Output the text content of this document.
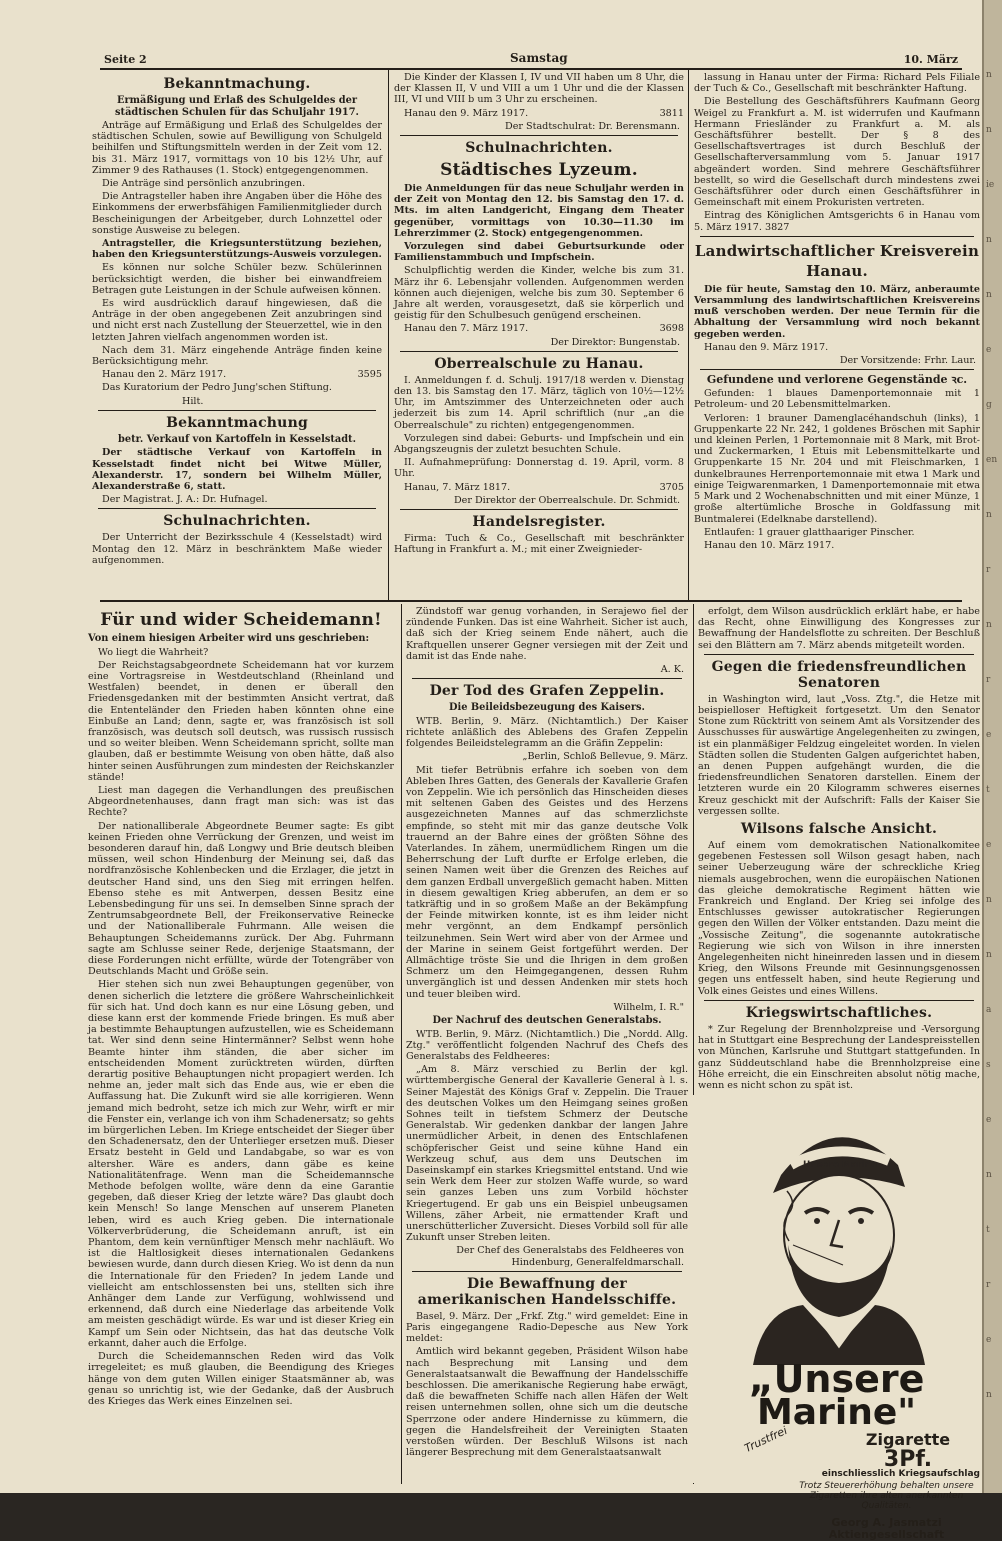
Seite 2	Samstag	10. März
Bekanntmachung.
Ermäßigung und Erlaß des Schulgeldes der städtischen Schulen für das Schuljahr 1917.

Anträge auf Ermäßigung und Erlaß des Schulgeldes der städtischen Schulen, sowie auf Bewilligung von Schulgeld beihilfen und Stiftungsmitteln werden in der Zeit vom 12. bis 31. März 1917, vormittags von 10 bis 12½ Uhr, auf Zimmer 9 des Rathauses (1. Stock) entgegengenommen.

Die Anträge sind persönlich anzubringen.

Die Antragsteller haben ihre Angaben über die Höhe des Einkommens der erwerbsfähigen Familienmitglieder durch Bescheinigungen der Arbeitgeber, durch Lohnzettel oder sonstige Ausweise zu belegen.

Antragsteller, die Kriegsunterstützung beziehen, haben den Kriegsunterstützungs-Ausweis vorzulegen.

Es können nur solche Schüler bezw. Schülerinnen berücksichtigt werden, die bisher bei einwandfreiem Betragen gute Leistungen in der Schule aufweisen können.

Es wird ausdrücklich darauf hingewiesen, daß die Anträge in der oben angegebenen Zeit anzubringen sind und nicht erst nach Zustellung der Steuerzettel, wie in den letzten Jahren vielfach angenommen worden ist.

Nach dem 31. März eingehende Anträge finden keine Berücksichtigung mehr.

Hanau den 2. März 1917.	3595

Das Kuratorium der Pedro Jung'schen Stiftung.

Hilt.

Bekanntmachung
betr. Verkauf von Kartoffeln in Kesselstadt.

Der städtische Verkauf von Kartoffeln in Kesselstadt findet nicht bei Witwe Müller, Alexanderstr. 17, sondern bei Wilhelm Müller, Alexanderstraße 6, statt.

Der Magistrat. J. A.: Dr. Hufnagel.

Schulnachrichten.

Der Unterricht der Bezirksschule 4 (Kesselstadt) wird Montag den 12. März in beschränktem Maße wieder aufgenommen.

Die Kinder der Klassen I, IV und VII haben um 8 Uhr, die der Klassen II, V und VIII a um 1 Uhr und die der Klassen III, VI und VIII b um 3 Uhr zu erscheinen.

Hanau den 9. März 1917.	3811

Der Stadtschulrat: Dr. Berensmann.

Schulnachrichten.
Städtisches Lyzeum.

Die Anmeldungen für das neue Schuljahr werden in der Zeit von Montag den 12. bis Samstag den 17. d. Mts. im alten Landgericht, Eingang dem Theater gegenüber, vormittags von 10.30—11.30 im Lehrerzimmer (2. Stock) entgegengenommen.

Vorzulegen sind dabei Geburtsurkunde oder Familienstammbuch und Impfschein.

Schulpflichtig werden die Kinder, welche bis zum 31. März ihr 6. Lebensjahr vollenden. Aufgenommen werden können auch diejenigen, welche bis zum 30. September 6 Jahre alt werden, vorausgesetzt, daß sie körperlich und geistig für den Schulbesuch genügend erscheinen.

Hanau den 7. März 1917.	3698

Der Direktor: Bungenstab.

Oberrealschule zu Hanau.

I. Anmeldungen f. d. Schulj. 1917/18 werden v. Dienstag den 13. bis Samstag den 17. März, täglich von 10½—12½ Uhr, im Amtszimmer des Unterzeichneten oder auch jederzeit bis zum 14. April schriftlich (nur „an die Oberrealschule" zu richten) entgegengenommen.

Vorzulegen sind dabei: Geburts- und Impfschein und ein Abgangszeugnis der zuletzt besuchten Schule.

II. Aufnahmeprüfung: Donnerstag d. 19. April, vorm. 8 Uhr.

Hanau, 7. März 1817.	3705

Der Direktor der Oberrealschule. Dr. Schmidt.

Handelsregister.

Firma: Tuch & Co., Gesellschaft mit beschränkter Haftung in Frankfurt a. M.; mit einer Zweignieder-

lassung in Hanau unter der Firma: Richard Pels Filiale der Tuch & Co., Gesellschaft mit beschränkter Haftung.

Die Bestellung des Geschäftsführers Kaufmann Georg Weigel zu Frankfurt a. M. ist widerrufen und Kaufmann Hermann Friesländer zu Frankfurt a. M. als Geschäftsführer bestellt. Der § 8 des Gesellschaftsvertrages ist durch Beschluß der Gesellschafterversammlung vom 5. Januar 1917 abgeändert worden. Sind mehrere Geschäftsführer bestellt, so wird die Gesellschaft durch mindestens zwei Geschäftsführer oder durch einen Geschäftsführer in Gemeinschaft mit einem Prokuristen vertreten.

Eintrag des Königlichen Amtsgerichts 6 in Hanau vom 5. März 1917. 3827

Landwirtschaftlicher Kreisverein Hanau.

Die für heute, Samstag den 10. März, anberaumte Versammlung des landwirtschaftlichen Kreisvereins muß verschoben werden. Der neue Termin für die Abhaltung der Versammlung wird noch bekannt gegeben werden.

Hanau den 9. März 1917.

Der Vorsitzende: Frhr. Laur.

Gefundene und verlorene Gegenstände ꝛc.

Gefunden: 1 blaues Damenportemonnaie mit 1 Petroleum- und 20 Lebensmittelmarken.

Verloren: 1 brauner Damenglacéhandschuh (links), 1 Gruppenkarte 22 Nr. 242, 1 goldenes Bröschen mit Saphir und kleinen Perlen, 1 Portemonnaie mit 8 Mark, mit Brot- und Zuckermarken, 1 Etuis mit Lebensmittelkarte und Gruppenkarte 15 Nr. 204 und mit Fleischmarken, 1 dunkelbraunes Herrenportemonnaie mit etwa 1 Mark und einige Teigwarenmarken, 1 Damenportemonnaie mit etwa 5 Mark und 2 Wochenabschnitten und mit einer Münze, 1 große altertümliche Brosche in Goldfassung mit Buntmalerei (Edelknabe darstellend).

Entlaufen: 1 grauer glatthaariger Pinscher.

Hanau den 10. März 1917.

Für und wider Scheidemann!
Von einem hiesigen Arbeiter wird uns geschrieben:

Wo liegt die Wahrheit?

Der Reichstagsabgeordnete Scheidemann hat vor kurzem eine Vortragsreise in Westdeutschland (Rheinland und Westfalen) beendet, in denen er überall den Friedensgedanken mit der bestimmten Ansicht vertrat, daß die Ententeländer den Frieden haben könnten ohne eine Einbuße an Land; denn, sagte er, was französisch ist soll französisch, was deutsch soll deutsch, was russisch russisch und so weiter bleiben. Wenn Scheidemann spricht, sollte man glauben, daß er bestimmte Weisung von oben hätte, daß also hinter seinen Ausführungen zum mindesten der Reichskanzler stände!

Liest man dagegen die Verhandlungen des preußischen Abgeordnetenhauses, dann fragt man sich: was ist das Rechte?

Der nationalliberale Abgeordnete Beumer sagte: Es gibt keinen Frieden ohne Verrückung der Grenzen, und weist im besonderen darauf hin, daß Longwy und Brie deutsch bleiben müssen, weil schon Hindenburg der Meinung sei, daß das nordfranzösische Kohlenbecken und die Erzlager, die jetzt in deutscher Hand sind, uns den Sieg mit erringen helfen. Ebenso stehe es mit Antwerpen, dessen Besitz eine Lebensbedingung für uns sei. In demselben Sinne sprach der Zentrumsabgeordnete Bell, der Freikonservative Reinecke und der Nationalliberale Fuhrmann. Alle weisen die Behauptungen Scheidemanns zurück. Der Abg. Fuhrmann sagte am Schlusse seiner Rede, derjenige Staatsmann, der diese Forderungen nicht erfüllte, würde der Totengräber von Deutschlands Macht und Größe sein.

Hier stehen sich nun zwei Behauptungen gegenüber, von denen sicherlich die letztere die größere Wahrscheinlichkeit für sich hat. Und doch kann es nur eine Lösung geben, und diese kann erst der kommende Friede bringen. Es muß aber ja bestimmte Behauptungen aufzustellen, wie es Scheidemann tat. Wer sind denn seine Hintermänner? Selbst wenn hohe Beamte hinter ihm ständen, die aber sicher im entscheidenden Moment zurücktreten würden, dürften derartig positive Behauptungen nicht propagiert werden. Ich nehme an, jeder malt sich das Ende aus, wie er eben die Auffassung hat. Die Zukunft wird sie alle korrigieren. Wenn jemand mich bedroht, setze ich mich zur Wehr, wirft er mir die Fenster ein, verlange ich von ihm Schadenersatz; so gehts im bürgerlichen Leben. Im Kriege entscheidet der Sieger über den Schadenersatz, den der Unterlieger ersetzen muß. Dieser Ersatz besteht in Geld und Landabgabe, so war es von altersher. Wäre es anders, dann gäbe es keine Nationalitätenfrage. Wenn man die Scheidemannsche Methode befolgen wollte, wäre denn da eine Garantie gegeben, daß dieser Krieg der letzte wäre? Das glaubt doch kein Mensch! So lange Menschen auf unserem Planeten leben, wird es auch Krieg geben. Die internationale Völkerverbrüderung, die Scheidemann anruft, ist ein Phantom, dem kein vernünftiger Mensch mehr nachläuft. Wo ist die Haltlosigkeit dieses internationalen Gedankens bewiesen wurde, dann durch diesen Krieg. Wo ist denn da nun die Internationale für den Frieden? In jedem Lande und vielleicht am entschlossensten bei uns, stellten sich ihre Anhänger dem Lande zur Verfügung, wohlwissend und erkennend, daß durch eine Niederlage das arbeitende Volk am meisten geschädigt würde. Es war und ist dieser Krieg ein Kampf um Sein oder Nichtsein, das hat das deutsche Volk erkannt, daher auch die Erfolge.

Durch die Scheidemannschen Reden wird das Volk irregeleitet; es muß glauben, die Beendigung des Krieges hänge von dem guten Willen einiger Staatsmänner ab, was genau so unrichtig ist, wie der Gedanke, daß der Ausbruch des Krieges das Werk eines Einzelnen sei.

Zündstoff war genug vorhanden, in Serajewo fiel der zündende Funken. Das ist eine Wahrheit. Sicher ist auch, daß sich der Krieg seinem Ende nähert, auch die Kraftquellen unserer Gegner versiegen mit der Zeit und damit ist das Ende nahe.

A. K.

Der Tod des Grafen Zeppelin.
Die Beileidsbezeugung des Kaisers.

WTB. Berlin, 9. März. (Nichtamtlich.) Der Kaiser richtete anläßlich des Ablebens des Grafen Zeppelin folgendes Beileidstelegramm an die Gräfin Zeppelin:

„Berlin, Schloß Bellevue, 9. März.

Mit tiefer Betrübnis erfahre ich soeben von dem Ableben Ihres Gatten, des Generals der Kavallerie Grafen von Zeppelin. Wie ich persönlich das Hinscheiden dieses mit seltenen Gaben des Geistes und des Herzens ausgezeichneten Mannes auf das schmerzlichste empfinde, so steht mit mir das ganze deutsche Volk trauernd an der Bahre eines der größten Söhne des Vaterlandes. In zähem, unermüdlichem Ringen um die Beherrschung der Luft durfte er Erfolge erleben, die seinen Namen weit über die Grenzen des Reiches auf dem ganzen Erdball unvergeßlich gemacht haben. Mitten in diesem gewaltigen Krieg abberufen, an dem er so tatkräftig und in so großem Maße an der Bekämpfung der Feinde mitwirken konnte, ist es ihm leider nicht mehr vergönnt, an dem Endkampf persönlich teilzunehmen. Sein Wert wird aber von der Armee und der Marine in seinem Geist fortgeführt werden. Der Allmächtige tröste Sie und die Ihrigen in dem großen Schmerz um den Heimgegangenen, dessen Ruhm unvergänglich ist und dessen Andenken mir stets hoch und teuer bleiben wird.

Wilhelm, I. R."

Der Nachruf des deutschen Generalstabs.

WTB. Berlin, 9. März. (Nichtamtlich.) Die „Nordd. Allg. Ztg." veröffentlicht folgenden Nachruf des Chefs des Generalstabs des Feldheeres:

„Am 8. März verschied zu Berlin der kgl. württembergische General der Kavallerie General à l. s. Seiner Majestät des Königs Graf v. Zeppelin. Die Trauer des deutschen Volkes um den Heimgang seines großen Sohnes teilt in tiefstem Schmerz der Deutsche Generalstab. Wir gedenken dankbar der langen Jahre unermüdlicher Arbeit, in denen des Entschlafenen schöpferischer Geist und seine kühne Hand ein Werkzeug schuf, aus dem uns Deutschen im Daseinskampf ein starkes Kriegsmittel entstand. Und wie sein Werk dem Heer zur stolzen Waffe wurde, so ward sein ganzes Leben uns zum Vorbild höchster Kriegertugend. Er gab uns ein Beispiel unbeugsamen Willens, zäher Arbeit, nie ermattender Kraft und unerschütterlicher Zuversicht. Dieses Vorbild soll für alle Zukunft unser Streben leiten.

Der Chef des Generalstabs des Feldheeres von Hindenburg, Generalfeldmarschall.

Die Bewaffnung der amerikanischen Handelsschiffe.

Basel, 9. März. Der „Frkf. Ztg." wird gemeldet: Eine in Paris eingegangene Radio-Depesche aus New York meldet:

Amtlich wird bekannt gegeben, Präsident Wilson habe nach Besprechung mit Lansing und dem Generalstaatsanwalt die Bewaffnung der Handelsschiffe beschlossen. Die amerikanische Regierung habe erwägt, daß die bewaffneten Schiffe nach allen Häfen der Welt reisen unternehmen sollen, ohne sich um die deutsche Sperrzone oder andere Hindernisse zu kümmern, die gegen die Handelsfreiheit der Vereinigten Staaten verstoßen würden. Der Beschluß Wilsons ist nach längerer Besprechung mit dem Generalstaatsanwalt

erfolgt, dem Wilson ausdrücklich erklärt habe, er habe das Recht, ohne Einwilligung des Kongresses zur Bewaffnung der Handelsflotte zu schreiten. Der Beschluß sei den Blättern am 7. März abends mitgeteilt worden.

Gegen die friedensfreundlichen Senatoren

in Washington wird, laut „Voss. Ztg.", die Hetze mit beispielloser Heftigkeit fortgesetzt. Um den Senator Stone zum Rücktritt von seinem Amt als Vorsitzender des Ausschusses für auswärtige Angelegenheiten zu zwingen, ist ein planmäßiger Feldzug eingeleitet worden. In vielen Städten sollen die Studenten Galgen aufgerichtet haben, an denen Puppen aufgehängt wurden, die die friedensfreundlichen Senatoren darstellen. Einem der letzteren wurde ein 20 Kilogramm schweres eisernes Kreuz geschickt mit der Aufschrift: Falls der Kaiser Sie vergessen sollte.

Wilsons falsche Ansicht.

Auf einem vom demokratischen Nationalkomitee gegebenen Festessen soll Wilson gesagt haben, nach seiner Ueberzeugung wäre der schreckliche Krieg niemals ausgebrochen, wenn die europäischen Nationen das gleiche demokratische Regiment hätten wie Frankreich und England. Der Krieg sei infolge des Entschlusses gewisser autokratischer Regierungen gegen den Willen der Völker entstanden. Dazu meint die „Vossische Zeitung", die sogenannte autokratische Regierung wie sich von Wilson in ihre innersten Angelegenheiten nicht hineinreden lassen und in diesem Krieg, den Wilsons Freunde mit Gesinnungsgenossen gegen uns entfesselt haben, sind heute Regierung und Volk eines Geistes und eines Willens.

Kriegswirtschaftliches.

* Zur Regelung der Brennholzpreise und -Versorgung hat in Stuttgart eine Besprechung der Landespreisstellen von München, Karlsruhe und Stuttgart stattgefunden. In ganz Süddeutschland habe die Brennholzpreise eine Höhe erreicht, die ein Einschreiten absolut nötig mache, wenn es nicht schon zu spät ist.

Unsere Marine
„Unsere
Marine"
Trustfrei	Zigarette
3Pf.
einschliesslich Kriegsaufschlag
Trotz Steuererhöhung behalten unsere Zigaretten ihre alten anerkannten Qualitäten.
Georg A. Jasmatzi
Aktiengesellschaft
n
n
ie
n
n
e
g
en
n
r
n
r
e
t
e
n
n
a
s
e
n
t
r
e
n
